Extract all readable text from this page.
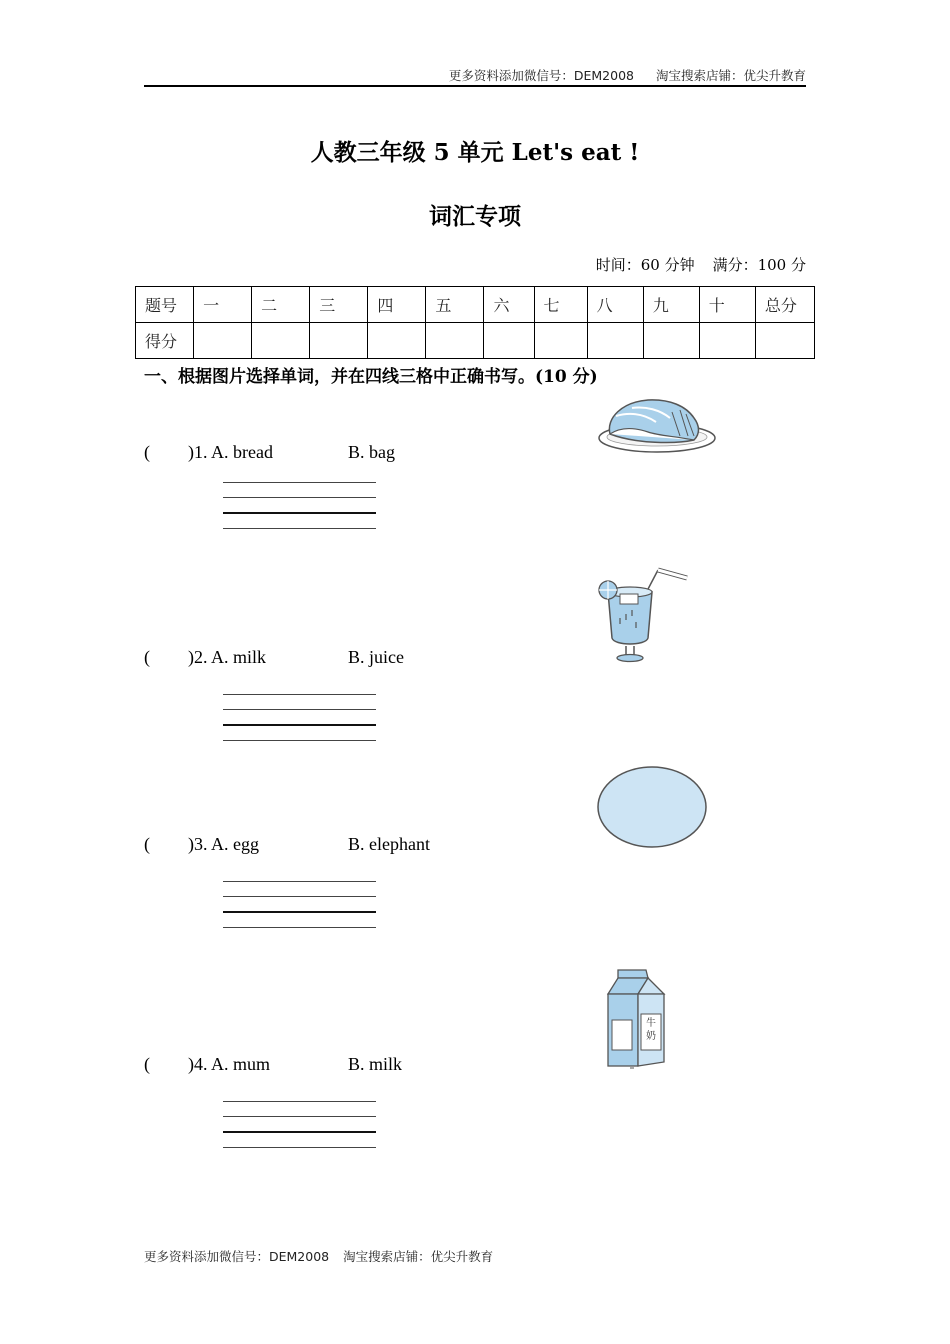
更多资料添加微信号：DEM2008 淘宝搜索店铺：优尖升教育
人教三年级 5 单元 Let's eat !
词汇专项
时间：60 分钟 满分：100 分
题号	一	二	三	四	五	六	七	八	九	十	总分
得分											
一、根据图片选择单词，并在四线三格中正确书写。(10 分)
( )1. A. bread	B. bag
( )2. A. milk	B. juice
( )3. A. egg	B. elephant
( )4. A. mum	B. milk
牛
奶
更多资料添加微信号：DEM2008 淘宝搜索店铺：优尖升教育
